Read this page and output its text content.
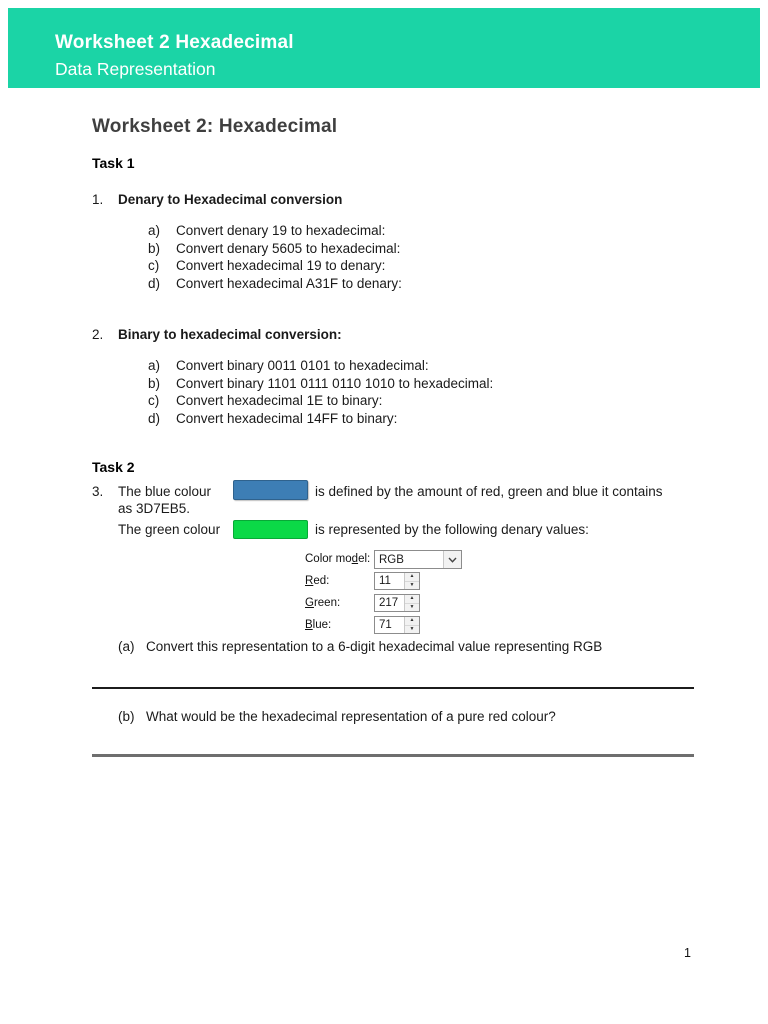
Worksheet 2 Hexadecimal
Data Representation
Worksheet 2: Hexadecimal
Task 1
1.	Denary to Hexadecimal conversion
a)	Convert denary 19 to hexadecimal:
b)	Convert denary 5605 to hexadecimal:
c)	Convert hexadecimal 19 to denary:
d)	Convert hexadecimal A31F to denary:
2.	Binary to hexadecimal conversion:
a)	Convert binary 0011 0101 to hexadecimal:
b)	Convert binary 1101 0111 0110 1010 to hexadecimal:
c)	Convert hexadecimal 1E to binary:
d)	Convert hexadecimal 14FF to binary:
Task 2
3. The blue colour	is defined by the amount of red, green and blue it contains
as 3D7EB5.
The green colour	is represented by the following denary values:
Color model: RGB
Red:	11	▲
▼
Green:	217	▲
▼
Blue:	71	▲
▼
(a) Convert this representation to a 6-digit hexadecimal value representing RGB
(b) What would be the hexadecimal representation of a pure red colour?
1
